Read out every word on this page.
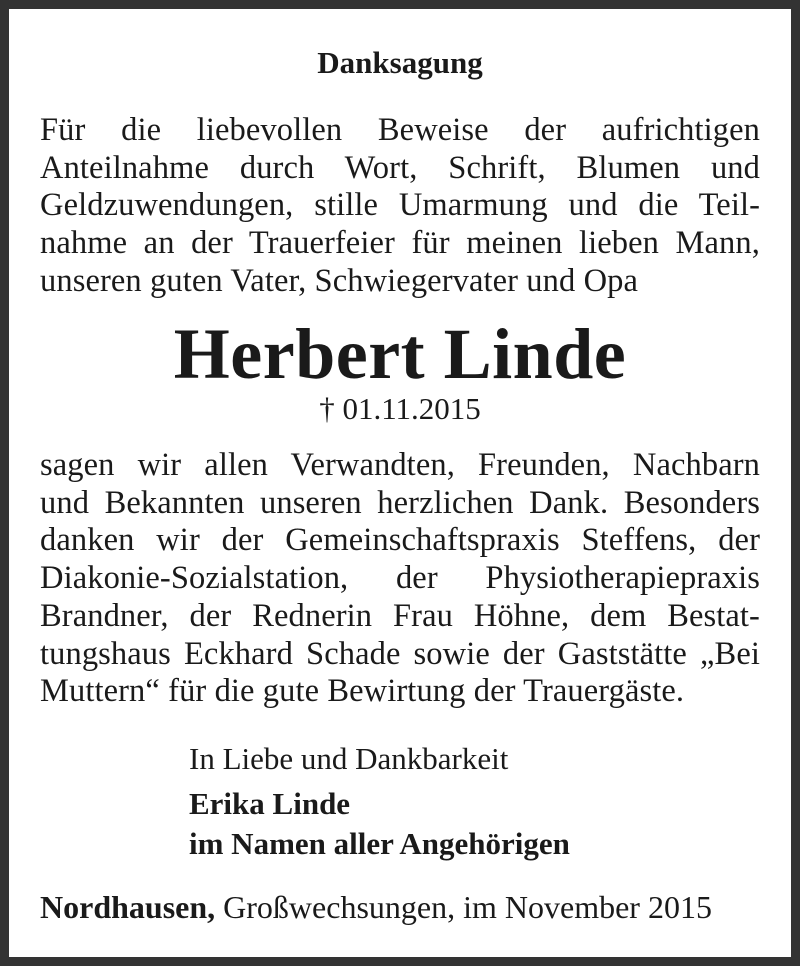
Danksagung
Für die liebevollen Beweise der aufrichtigen
Anteilnahme durch Wort, Schrift, Blumen und
Geldzuwendungen, stille Umarmung und die Teil-
nahme an der Trauerfeier für meinen lieben Mann,
unseren guten Vater, Schwiegervater und Opa
Herbert Linde
† 01.11.2015
sagen wir allen Verwandten, Freunden, Nachbarn
und Bekannten unseren herzlichen Dank. Besonders
danken wir der Gemeinschaftspraxis Steffens, der
Diakonie-Sozialstation, der Physiotherapiepraxis
Brandner, der Rednerin Frau Höhne, dem Bestat-
tungshaus Eckhard Schade sowie der Gaststätte „Bei
Muttern“ für die gute Bewirtung der Trauergäste.
In Liebe und Dankbarkeit
Erika Linde
im Namen aller Angehörigen
Nordhausen, Großwechsungen, im November 2015
